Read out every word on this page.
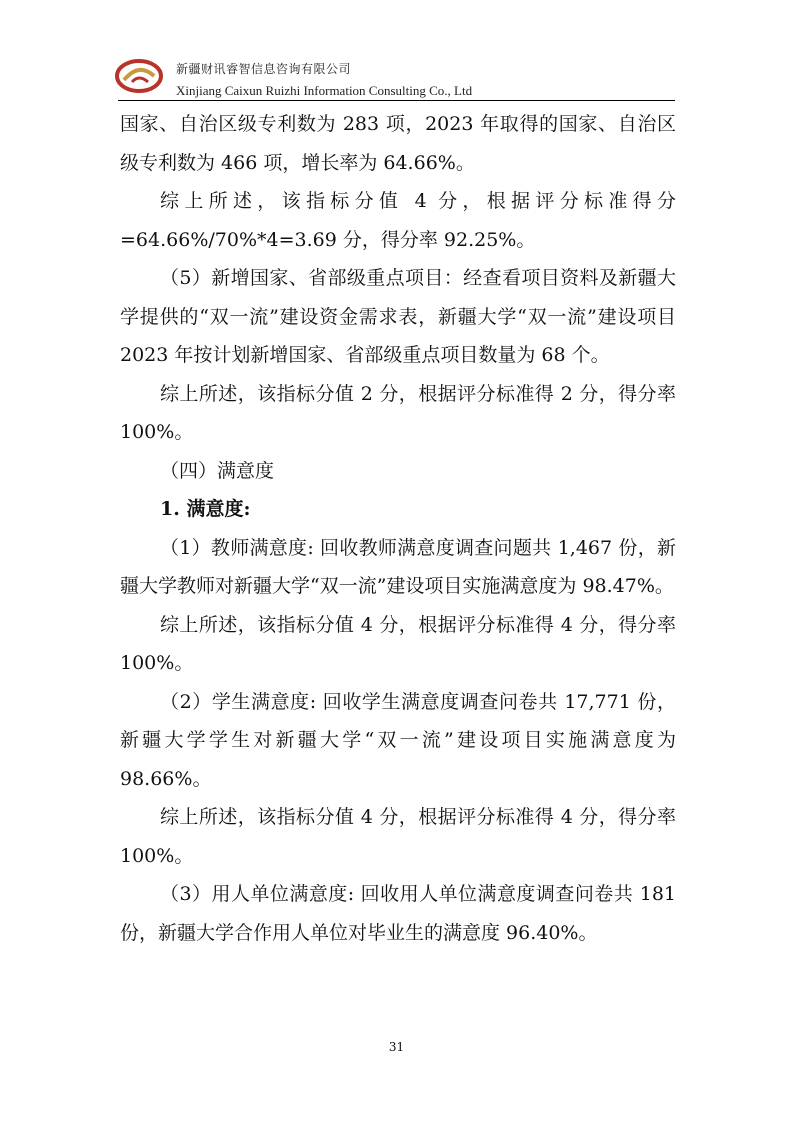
新疆财讯睿智信息咨询有限公司
Xinjiang Caixun Ruizhi Information Consulting Co., Ltd

国家、自治区级专利数为 283 项，2023 年取得的国家、自治区级专利数为 466 项，增长率为 64.66%。

综上所述，该指标分值 4 分，根据评分标准得分=64.66%/70%*4=3.69 分，得分率 92.25%。

（5）新增国家、省部级重点项目：经查看项目资料及新疆大学提供的“双一流”建设资金需求表，新疆大学“双一流”建设项目 2023 年按计划新增国家、省部级重点项目数量为 68 个。

综上所述，该指标分值 2 分，根据评分标准得 2 分，得分率 100%。

（四）满意度

1. 满意度:

（1）教师满意度: 回收教师满意度调查问题共 1,467 份，新疆大学教师对新疆大学“双一流”建设项目实施满意度为 98.47%。

综上所述，该指标分值 4 分，根据评分标准得 4 分，得分率 100%。

（2）学生满意度: 回收学生满意度调查问卷共 17,771 份，新疆大学学生对新疆大学“双一流”建设项目实施满意度为 98.66%。

综上所述，该指标分值 4 分，根据评分标准得 4 分，得分率 100%。

（3）用人单位满意度: 回收用人单位满意度调查问卷共 181 份，新疆大学合作用人单位对毕业生的满意度 96.40%。

31
